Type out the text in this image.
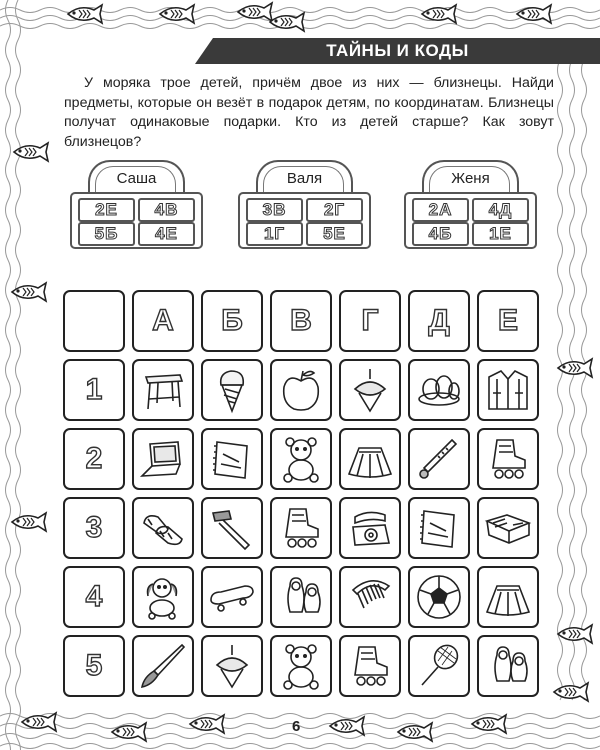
ТАЙНЫ И КОДЫ

У моряка трое детей, причём двое из них — близнецы. Найди предметы, которые он везёт в подарок детям, по координатам. Близнецы получат одинаковые подарки. Кто из детей старше? Как зовут близнецов?

Саша
2Е	4В
5Б	4Е
Валя
3В	2Г
1Г	5Е
Женя
2А	4Д
4Б	1Е
А Б В Г Д Е
1
2
3
4
5
6
